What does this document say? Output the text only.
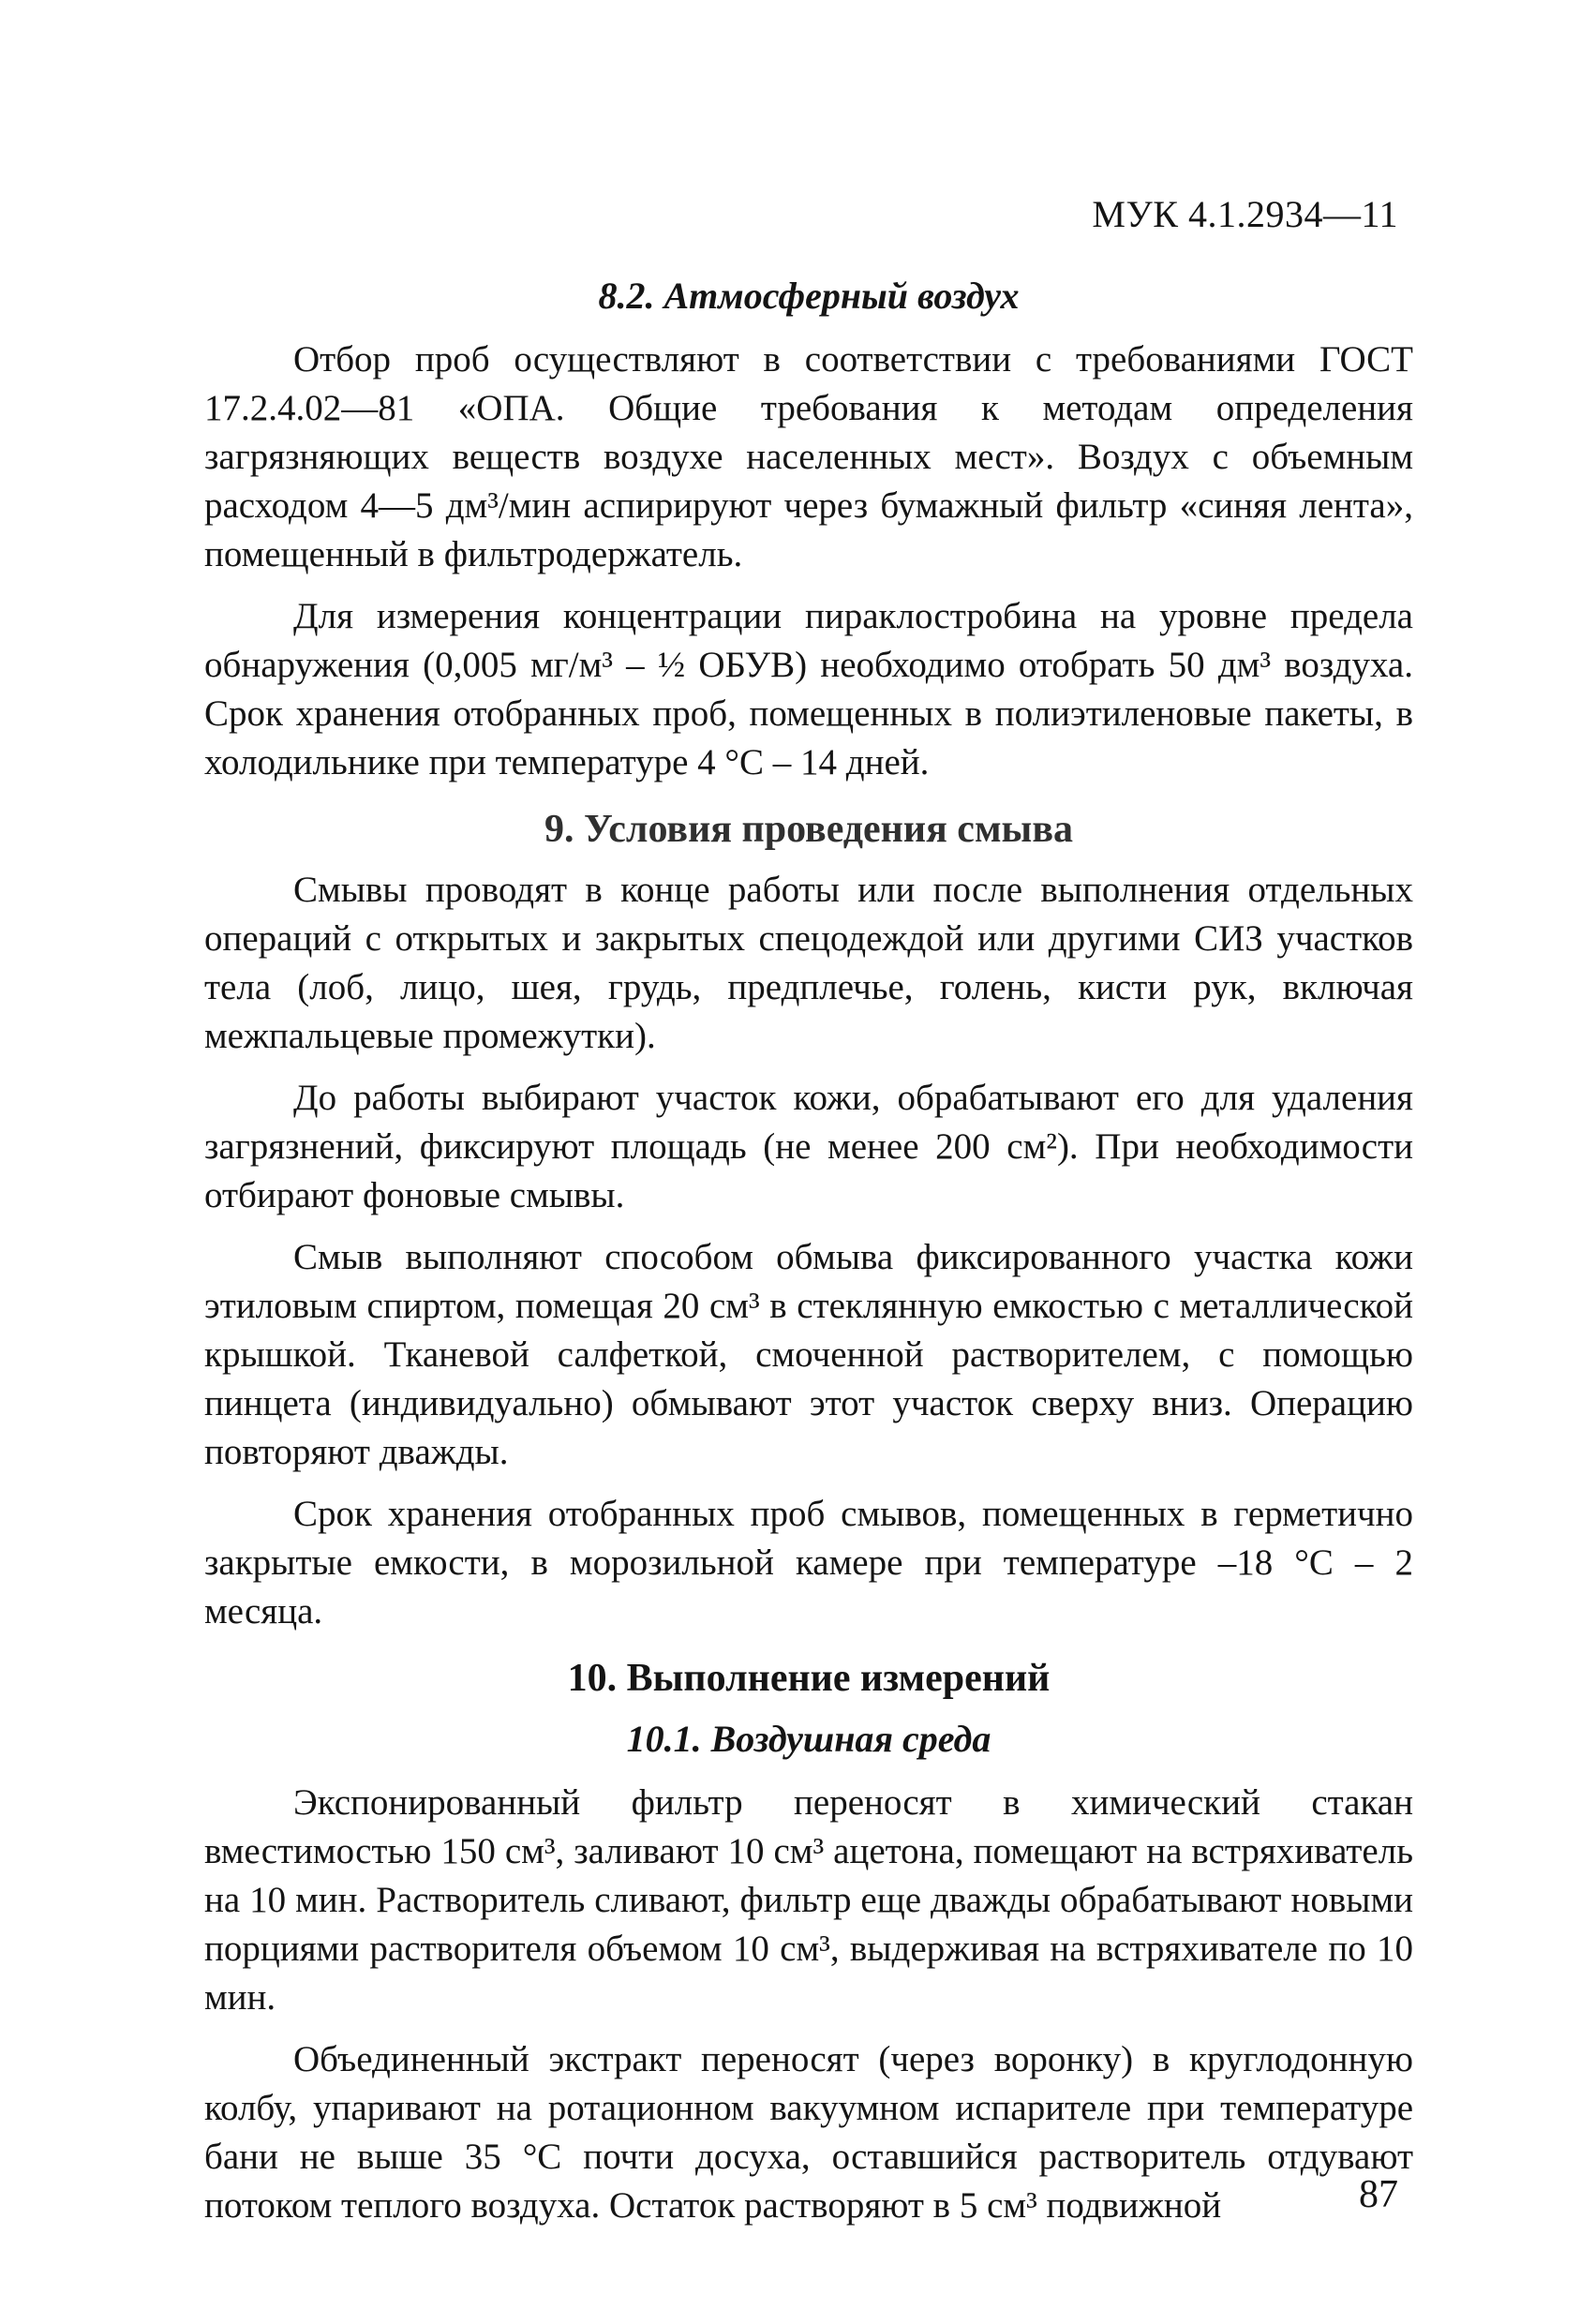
МУК 4.1.2934—11
8.2. Атмосферный воздух

Отбор проб осуществляют в соответствии с требованиями ГОСТ 17.2.4.02—81 «ОПА. Общие требования к методам определения загрязняющих веществ воздухе населенных мест». Воздух с объемным расходом 4—5 дм³/мин аспирируют через бумажный фильтр «синяя лента», помещенный в фильтродержатель.

Для измерения концентрации пираклостробина на уровне предела обнаружения (0,005 мг/м³ – ½ ОБУВ) необходимо отобрать 50 дм³ воздуха. Срок хранения отобранных проб, помещенных в полиэтиленовые пакеты, в холодильнике при температуре 4 °С – 14 дней.

9. Условия проведения смыва

Смывы проводят в конце работы или после выполнения отдельных операций с открытых и закрытых спецодеждой или другими СИЗ участков тела (лоб, лицо, шея, грудь, предплечье, голень, кисти рук, включая межпальцевые промежутки).

До работы выбирают участок кожи, обрабатывают его для удаления загрязнений, фиксируют площадь (не менее 200 см²). При необходимости отбирают фоновые смывы.

Смыв выполняют способом обмыва фиксированного участка кожи этиловым спиртом, помещая 20 см³ в стеклянную емкостью с металлической крышкой. Тканевой салфеткой, смоченной растворителем, с помощью пинцета (индивидуально) обмывают этот участок сверху вниз. Операцию повторяют дважды.

Срок хранения отобранных проб смывов, помещенных в герметично закрытые емкости, в морозильной камере при температуре –18 °С – 2 месяца.

10. Выполнение измерений
10.1. Воздушная среда

Экспонированный фильтр переносят в химический стакан вместимостью 150 см³, заливают 10 см³ ацетона, помещают на встряхиватель на 10 мин. Растворитель сливают, фильтр еще дважды обрабатывают новыми порциями растворителя объемом 10 см³, выдерживая на встряхивателе по 10 мин.

Объединенный экстракт переносят (через воронку) в круглодонную колбу, упаривают на ротационном вакуумном испарителе при температуре бани не выше 35 °С почти досуха, оставшийся растворитель отдувают потоком теплого воздуха. Остаток растворяют в 5 см³ подвижной	87
